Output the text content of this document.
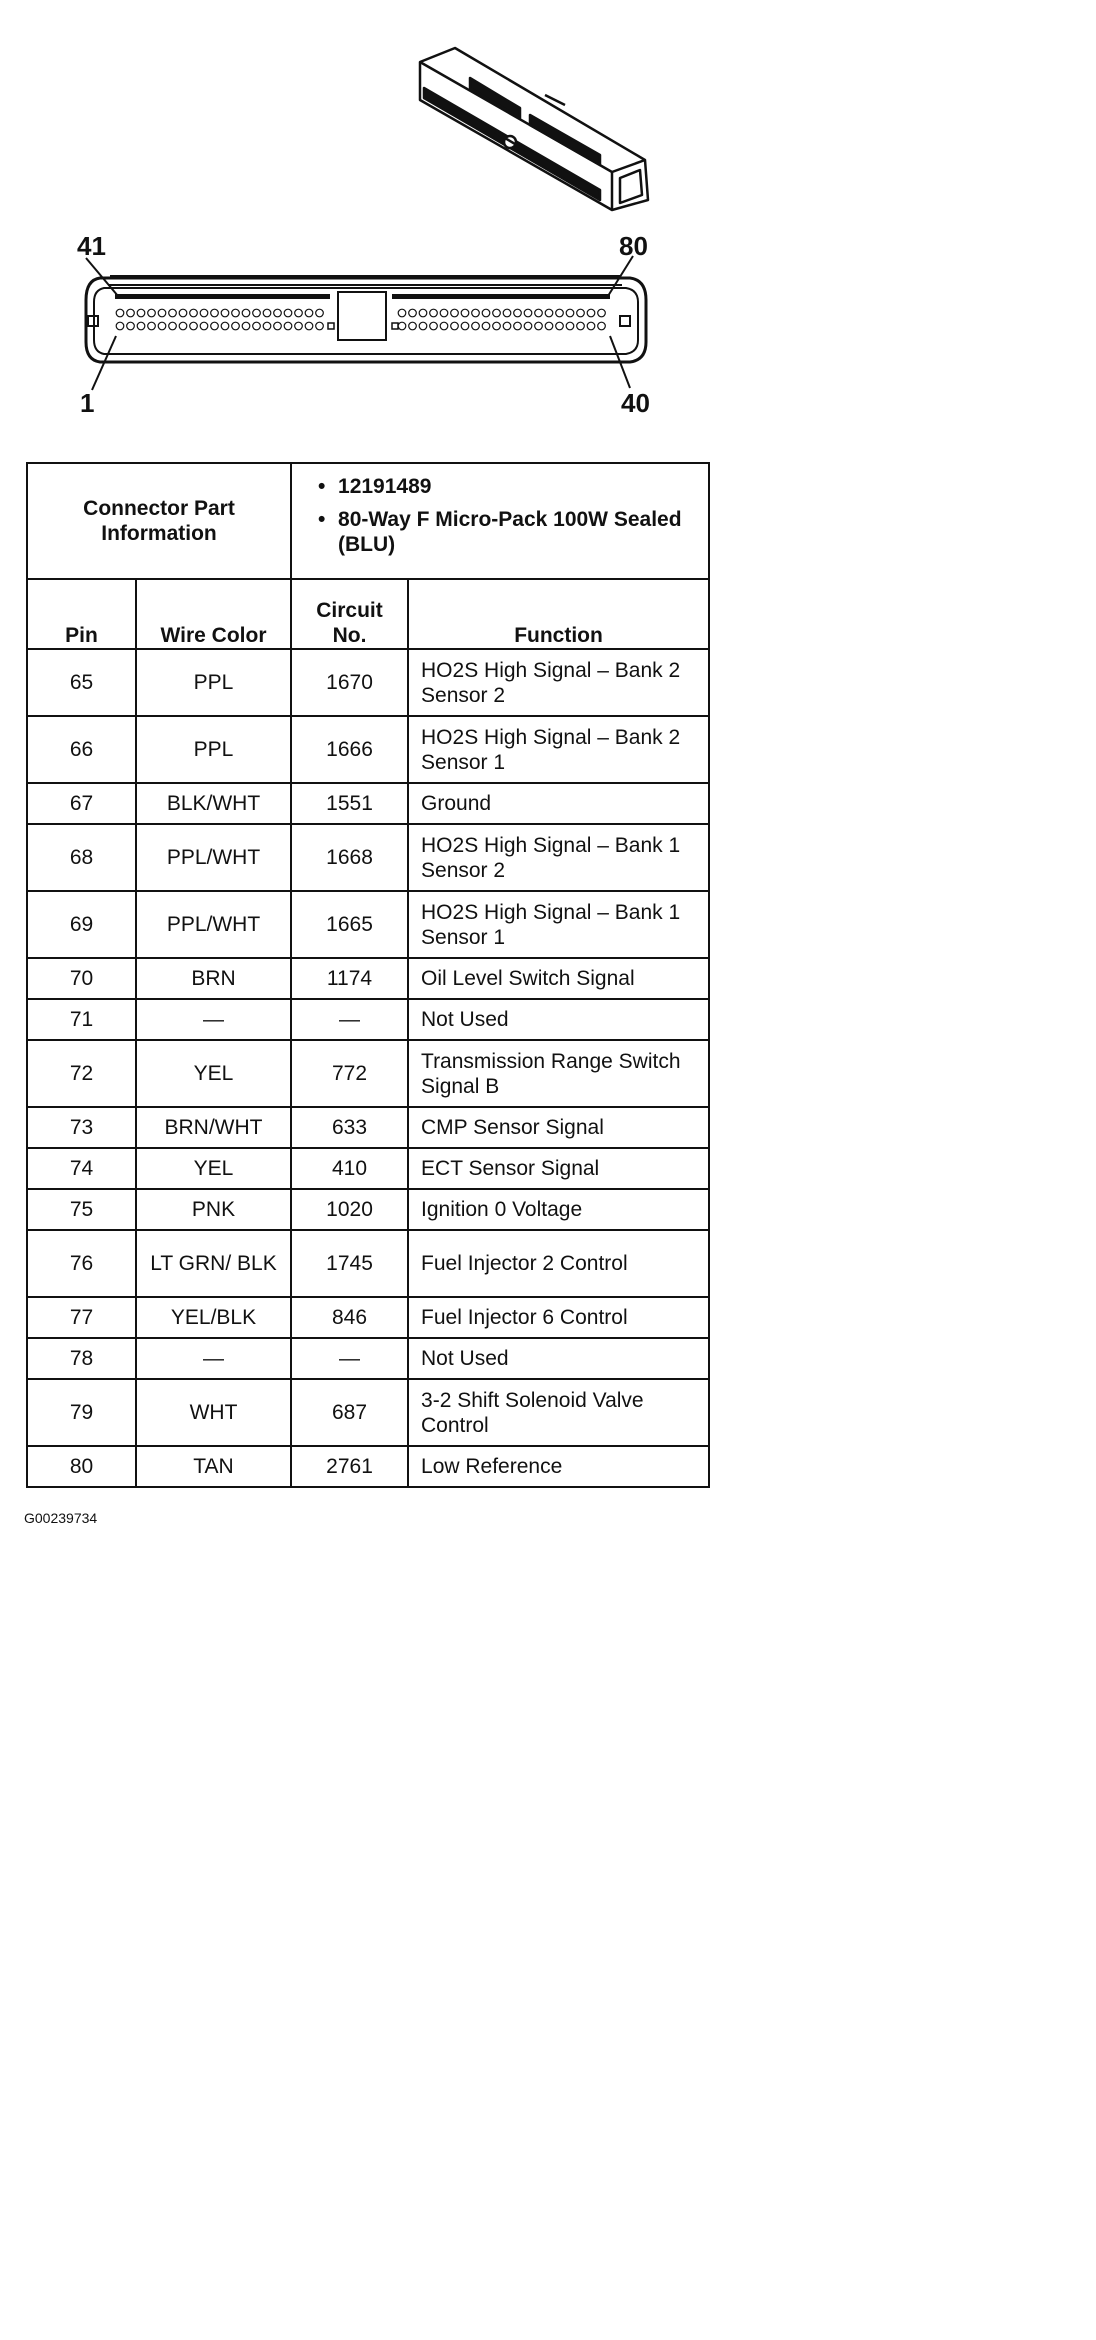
41	80
1	40
Connector Part Information		• 12191489
• 80-Way F Micro-Pack 100W Sealed (BLU)	

Pin	Wire Color	Circuit No.	Function
65	PPL	1670	HO2S High Signal – Bank 2 Sensor 2
66	PPL	1666	HO2S High Signal – Bank 2 Sensor 1
67	BLK/WHT	1551	Ground
68	PPL/WHT	1668	HO2S High Signal – Bank 1 Sensor 2
69	PPL/WHT	1665	HO2S High Signal – Bank 1 Sensor 1
70	BRN	1174	Oil Level Switch Signal
71	—	—	Not Used
72	YEL	772	Transmission Range Switch Signal B
73	BRN/WHT	633	CMP Sensor Signal
74	YEL	410	ECT Sensor Signal
75	PNK	1020	Ignition 0 Voltage
76	LT GRN/ BLK	1745	Fuel Injector 2 Control
77	YEL/BLK	846	Fuel Injector 6 Control
78	—	—	Not Used
79	WHT	687	3-2 Shift Solenoid Valve Control
80	TAN	2761	Low Reference
G00239734
